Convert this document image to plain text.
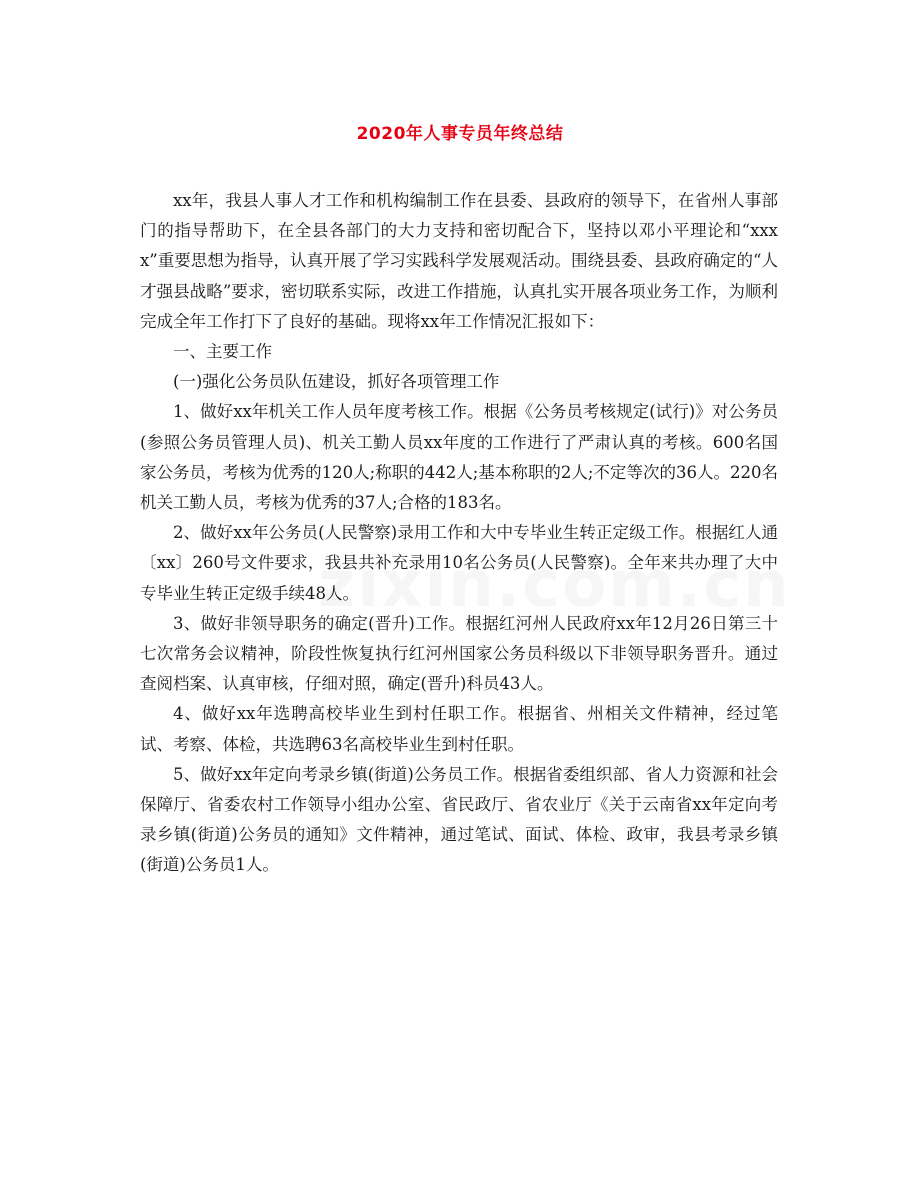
2020年人事专员年终总结

xx年，我县人事人才工作和机构编制工作在县委、县政府的领导下，在省州人事部门的指导帮助下，在全县各部门的大力支持和密切配合下，坚持以邓小平理论和“xxxx”重要思想为指导，认真开展了学习实践科学发展观活动。围绕县委、县政府确定的“人才强县战略”要求，密切联系实际，改进工作措施，认真扎实开展各项业务工作，为顺利完成全年工作打下了良好的基础。现将xx年工作情况汇报如下：

一、主要工作

(一)强化公务员队伍建设，抓好各项管理工作

1、做好xx年机关工作人员年度考核工作。根据《公务员考核规定(试行)》对公务员(参照公务员管理人员)、机关工勤人员xx年度的工作进行了严肃认真的考核。600名国家公务员，考核为优秀的120人;称职的442人;基本称职的2人;不定等次的36人。220名机关工勤人员，考核为优秀的37人;合格的183名。

2、做好xx年公务员(人民警察)录用工作和大中专毕业生转正定级工作。根据红人通〔xx〕260号文件要求，我县共补充录用10名公务员(人民警察)。全年来共办理了大中专毕业生转正定级手续48人。

3、做好非领导职务的确定(晋升)工作。根据红河州人民政府xx年12月26日第三十七次常务会议精神，阶段性恢复执行红河州国家公务员科级以下非领导职务晋升。通过查阅档案、认真审核，仔细对照，确定(晋升)科员43人。

4、做好xx年选聘高校毕业生到村任职工作。根据省、州相关文件精神，经过笔试、考察、体检，共选聘63名高校毕业生到村任职。

5、做好xx年定向考录乡镇(街道)公务员工作。根据省委组织部、省人力资源和社会保障厅、省委农村工作领导小组办公室、省民政厅、省农业厅《关于云南省xx年定向考录乡镇(街道)公务员的通知》文件精神，通过笔试、面试、体检、政审，我县考录乡镇(街道)公务员1人。
